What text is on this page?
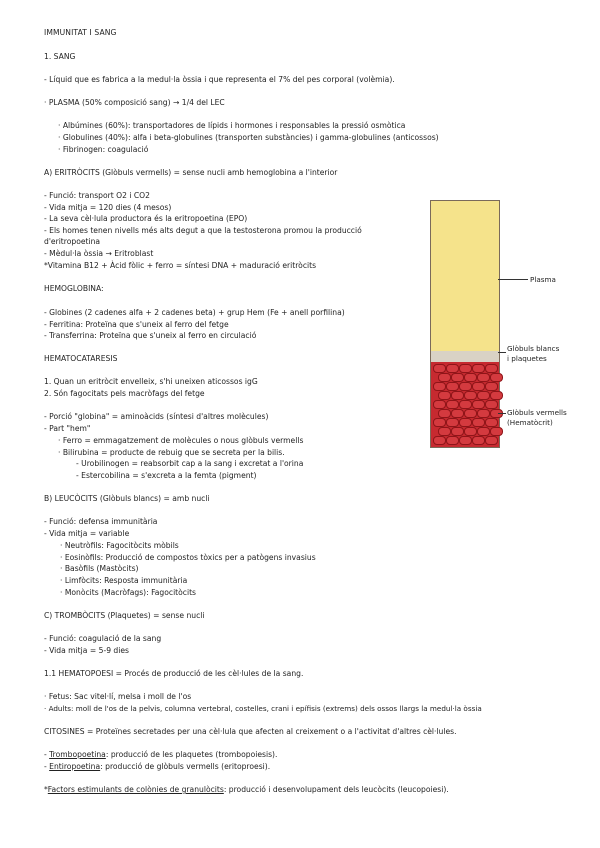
IMMUNITAT I SANG
1. SANG
- Líquid que es fabrica a la medul·la òssia i que representa el 7% del pes corporal (volèmia).
· PLASMA (50% composició sang) → 1/4 del LEC
· Albúmines (60%): transportadores de lípids i hormones i responsables la pressió osmòtica
· Globulines (40%): alfa i beta-globulines (transporten substàncies) i gamma-globulines (anticossos)
· Fibrinogen: coagulació
A) ERITRÒCITS (Glòbuls vermells) = sense nucli amb hemoglobina a l'interior
- Funció: transport O2 i CO2
- Vida mitja = 120 dies (4 mesos)
- La seva cèl·lula productora és la eritropoetina (EPO)
- Els homes tenen nivells més alts degut a que la testosterona promou la producció
d'eritropoetina
- Mèdul·la òssia → Eritroblast
*Vitamina B12 + Àcid fòlic + ferro = síntesi DNA + maduració eritròcits
HEMOGLOBINA:
- Globines (2 cadenes alfa + 2 cadenes beta) + grup Hem (Fe + anell porfilina)
- Ferritina: Proteïna que s'uneix al ferro del fetge
- Transferrina: Proteïna que s'uneix al ferro en circulació
HEMATOCATARESIS
1. Quan un eritròcit envelleix, s'hi uneixen aticossos igG
2. Són fagocitats pels macròfags del fetge
- Porció "globina" = aminoàcids (síntesi d'altres molècules)
- Part "hem"
· Ferro = emmagatzement de molècules o nous glòbuls vermells
· Bilirubina = producte de rebuig que se secreta per la bilis.
- Urobilinogen = reabsorbit cap a la sang i excretat a l'orina
- Estercobilina = s'excreta a la femta (pigment)
B) LEUCÒCITS (Glòbuls blancs) = amb nucli
- Funció: defensa immunitària
- Vida mitja = variable
· Neutròfils: Fagocitòcits mòbils
· Eosinòfils: Producció de compostos tòxics per a patògens invasius
· Basòfils (Mastòcits)
· Limfòcits: Resposta immunitària
· Monòcits (Macròfags): Fagocitòcits
C) TROMBÒCITS (Plaquetes) = sense nucli
- Funció: coagulació de la sang
- Vida mitja = 5-9 dies
1.1 HEMATOPOESI = Procés de producció de les cèl·lules de la sang.
· Fetus: Sac vitel·lí, melsa i moll de l'os
· Adults: moll de l'os de la pelvis, columna vertebral, costelles, crani i epífisis (extrems) dels ossos llargs la medul·la òssia
CITOSINES = Proteïnes secretades per una cèl·lula que afecten al creixement o a l'activitat d'altres cèl·lules.
- Trombopoetina: producció de les plaquetes (trombopoiesis).
- Entiropoetina: producció de glòbuls vermells (eritoproesi).
*Factors estimulants de colònies de granulòcits: producció i desenvolupament dels leucòcits (leucopoiesi).
Plasma
Glòbuls blancs
i plaquetes
Glòbuls vermells
(Hematòcrit)
